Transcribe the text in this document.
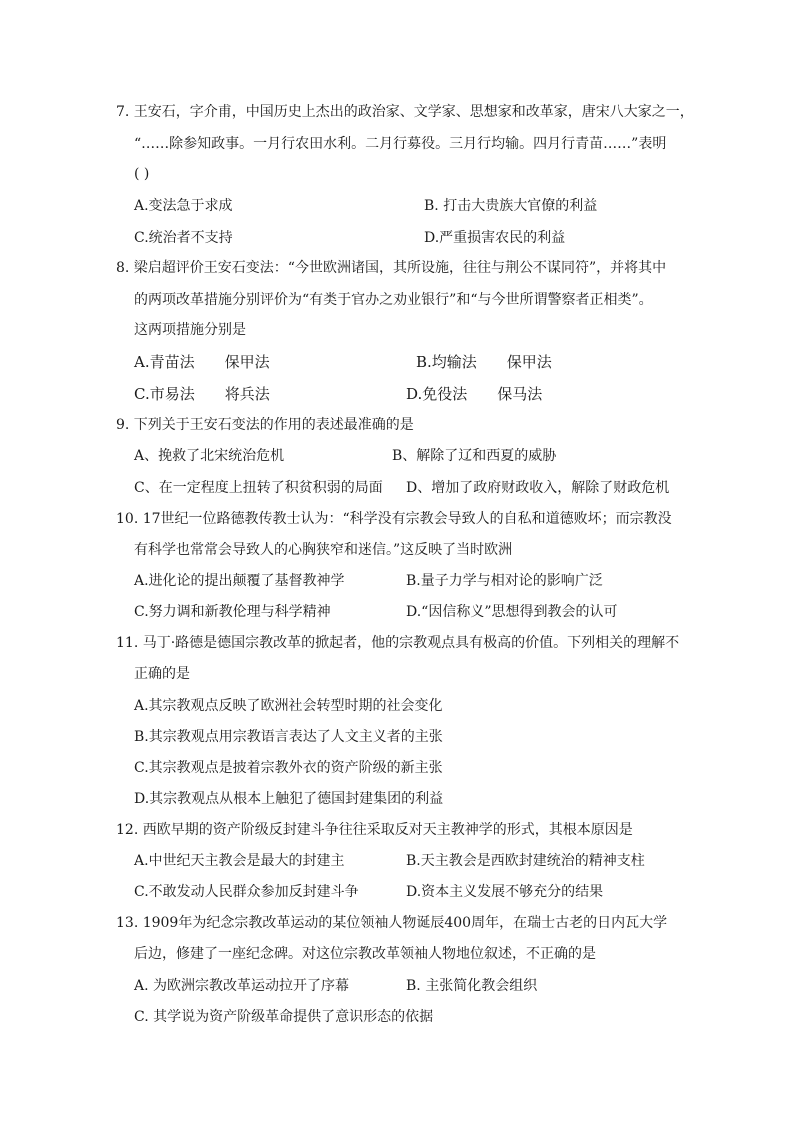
7. 王安石，字介甫，中国历史上杰出的政治家、文学家、思想家和改革家，唐宋八大家之一，
“……除参知政事。一月行农田水利。二月行募役。三月行均输。四月行青苗……”表明
( )
A.变法急于求成	B. 打击大贵族大官僚的利益
C.统治者不支持	D.严重损害农民的利益
8. 梁启超评价王安石变法：“今世欧洲诸国，其所设施，往往与荆公不谋同符”，并将其中
的两项改革措施分别评价为“有类于官办之劝业银行”和“与今世所谓警察者正相类”。
这两项措施分别是
A.青苗法　　保甲法	B.均输法　　保甲法
C.市易法　　将兵法	D.免役法　　保马法
9. 下列关于王安石变法的作用的表述最准确的是
A、挽救了北宋统治危机	B、解除了辽和西夏的威胁
C、在一定程度上扭转了积贫积弱的局面 D、增加了政府财政收入，解除了财政危机
10. 17世纪一位路德教传教士认为：“科学没有宗教会导致人的自私和道德败坏；而宗教没
有科学也常常会导致人的心胸狭窄和迷信。”这反映了当时欧洲
A.进化论的提出颠覆了基督教神学	B.量子力学与相对论的影响广泛
C.努力调和新教伦理与科学精神	D.“因信称义”思想得到教会的认可
11. 马丁·路德是德国宗教改革的掀起者，他的宗教观点具有极高的价值。下列相关的理解不
正确的是
A.其宗教观点反映了欧洲社会转型时期的社会变化
B.其宗教观点用宗教语言表达了人文主义者的主张
C.其宗教观点是披着宗教外衣的资产阶级的新主张
D.其宗教观点从根本上触犯了德国封建集团的利益
12. 西欧早期的资产阶级反封建斗争往往采取反对天主教神学的形式，其根本原因是
A.中世纪天主教会是最大的封建主	B.天主教会是西欧封建统治的精神支柱
C.不敢发动人民群众参加反封建斗争	D.资本主义发展不够充分的结果
13. 1909年为纪念宗教改革运动的某位领袖人物诞辰400周年，在瑞士古老的日内瓦大学
后边，修建了一座纪念碑。对这位宗教改革领袖人物地位叙述，不正确的是
A. 为欧洲宗教改革运动拉开了序幕	B. 主张简化教会组织
C. 其学说为资产阶级革命提供了意识形态的依据
